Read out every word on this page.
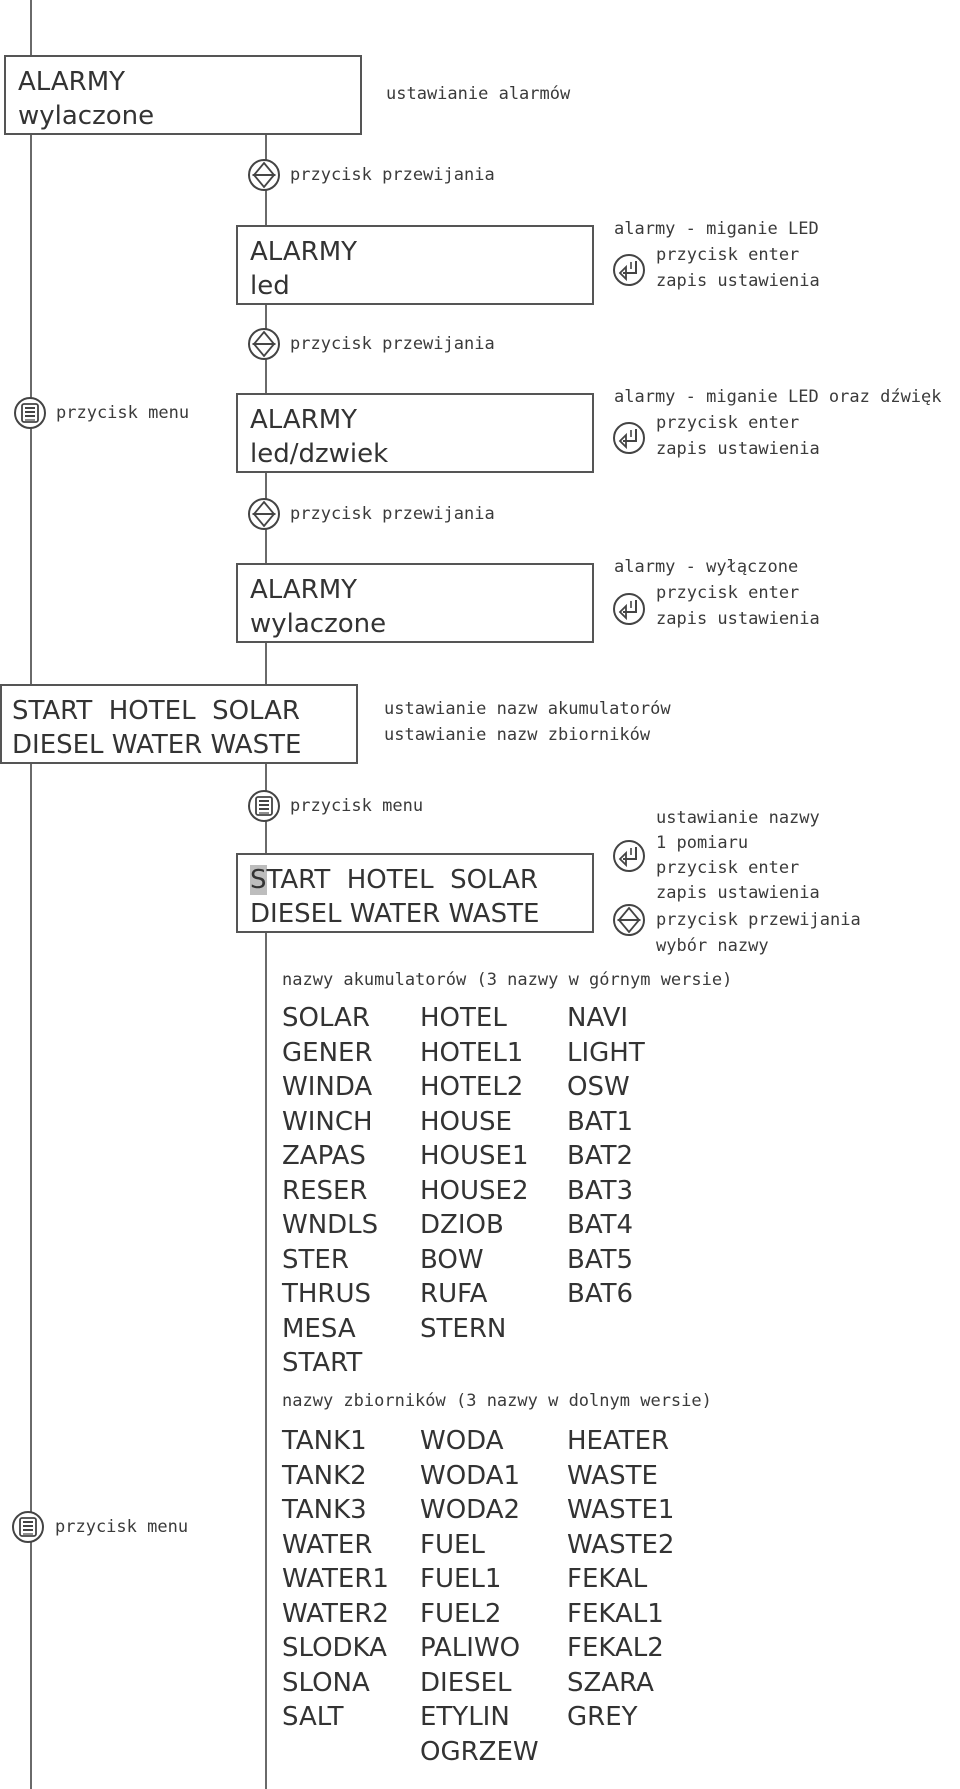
ALARMY
wylaczone
ustawianie alarmów
przycisk przewijania
ALARMY
led
alarmy - miganie LED
przycisk enter
zapis ustawienia
przycisk przewijania
przycisk menu ALARMY
led/dzwiek
alarmy - miganie LED oraz dźwięk
przycisk enter
zapis ustawienia
przycisk przewijania
ALARMY
wylaczone
alarmy - wyłączone
przycisk enter
zapis ustawienia
START  HOTEL  SOLAR
DIESEL WATER WASTE
ustawianie nazw akumulatorów
ustawianie nazw zbiorników
przycisk menu
START  HOTEL  SOLAR
DIESEL WATER WASTE
ustawianie nazwy
1 pomiaru
przycisk enter
zapis ustawienia
przycisk przewijania
wybór nazwy
nazwy akumulatorów (3 nazwy w górnym wersie)
SOLAR
GENER
WINDA
WINCH
ZAPAS
RESER
WNDLS
STER
THRUS
MESA
START
HOTEL
HOTEL1
HOTEL2
HOUSE
HOUSE1
HOUSE2
DZIOB
BOW
RUFA
STERN
NAVI
LIGHT
OSW
BAT1
BAT2
BAT3
BAT4
BAT5
BAT6
nazwy zbiorników (3 nazwy w dolnym wersie)
TANK1
TANK2
TANK3
WATER
WATER1
WATER2
SLODKA
SLONA
SALT
WODA
WODA1
WODA2
FUEL
FUEL1
FUEL2
PALIWO
DIESEL
ETYLIN
OGRZEW
HEATER
WASTE
WASTE1
WASTE2
FEKAL
FEKAL1
FEKAL2
SZARA
GREY
przycisk menu
